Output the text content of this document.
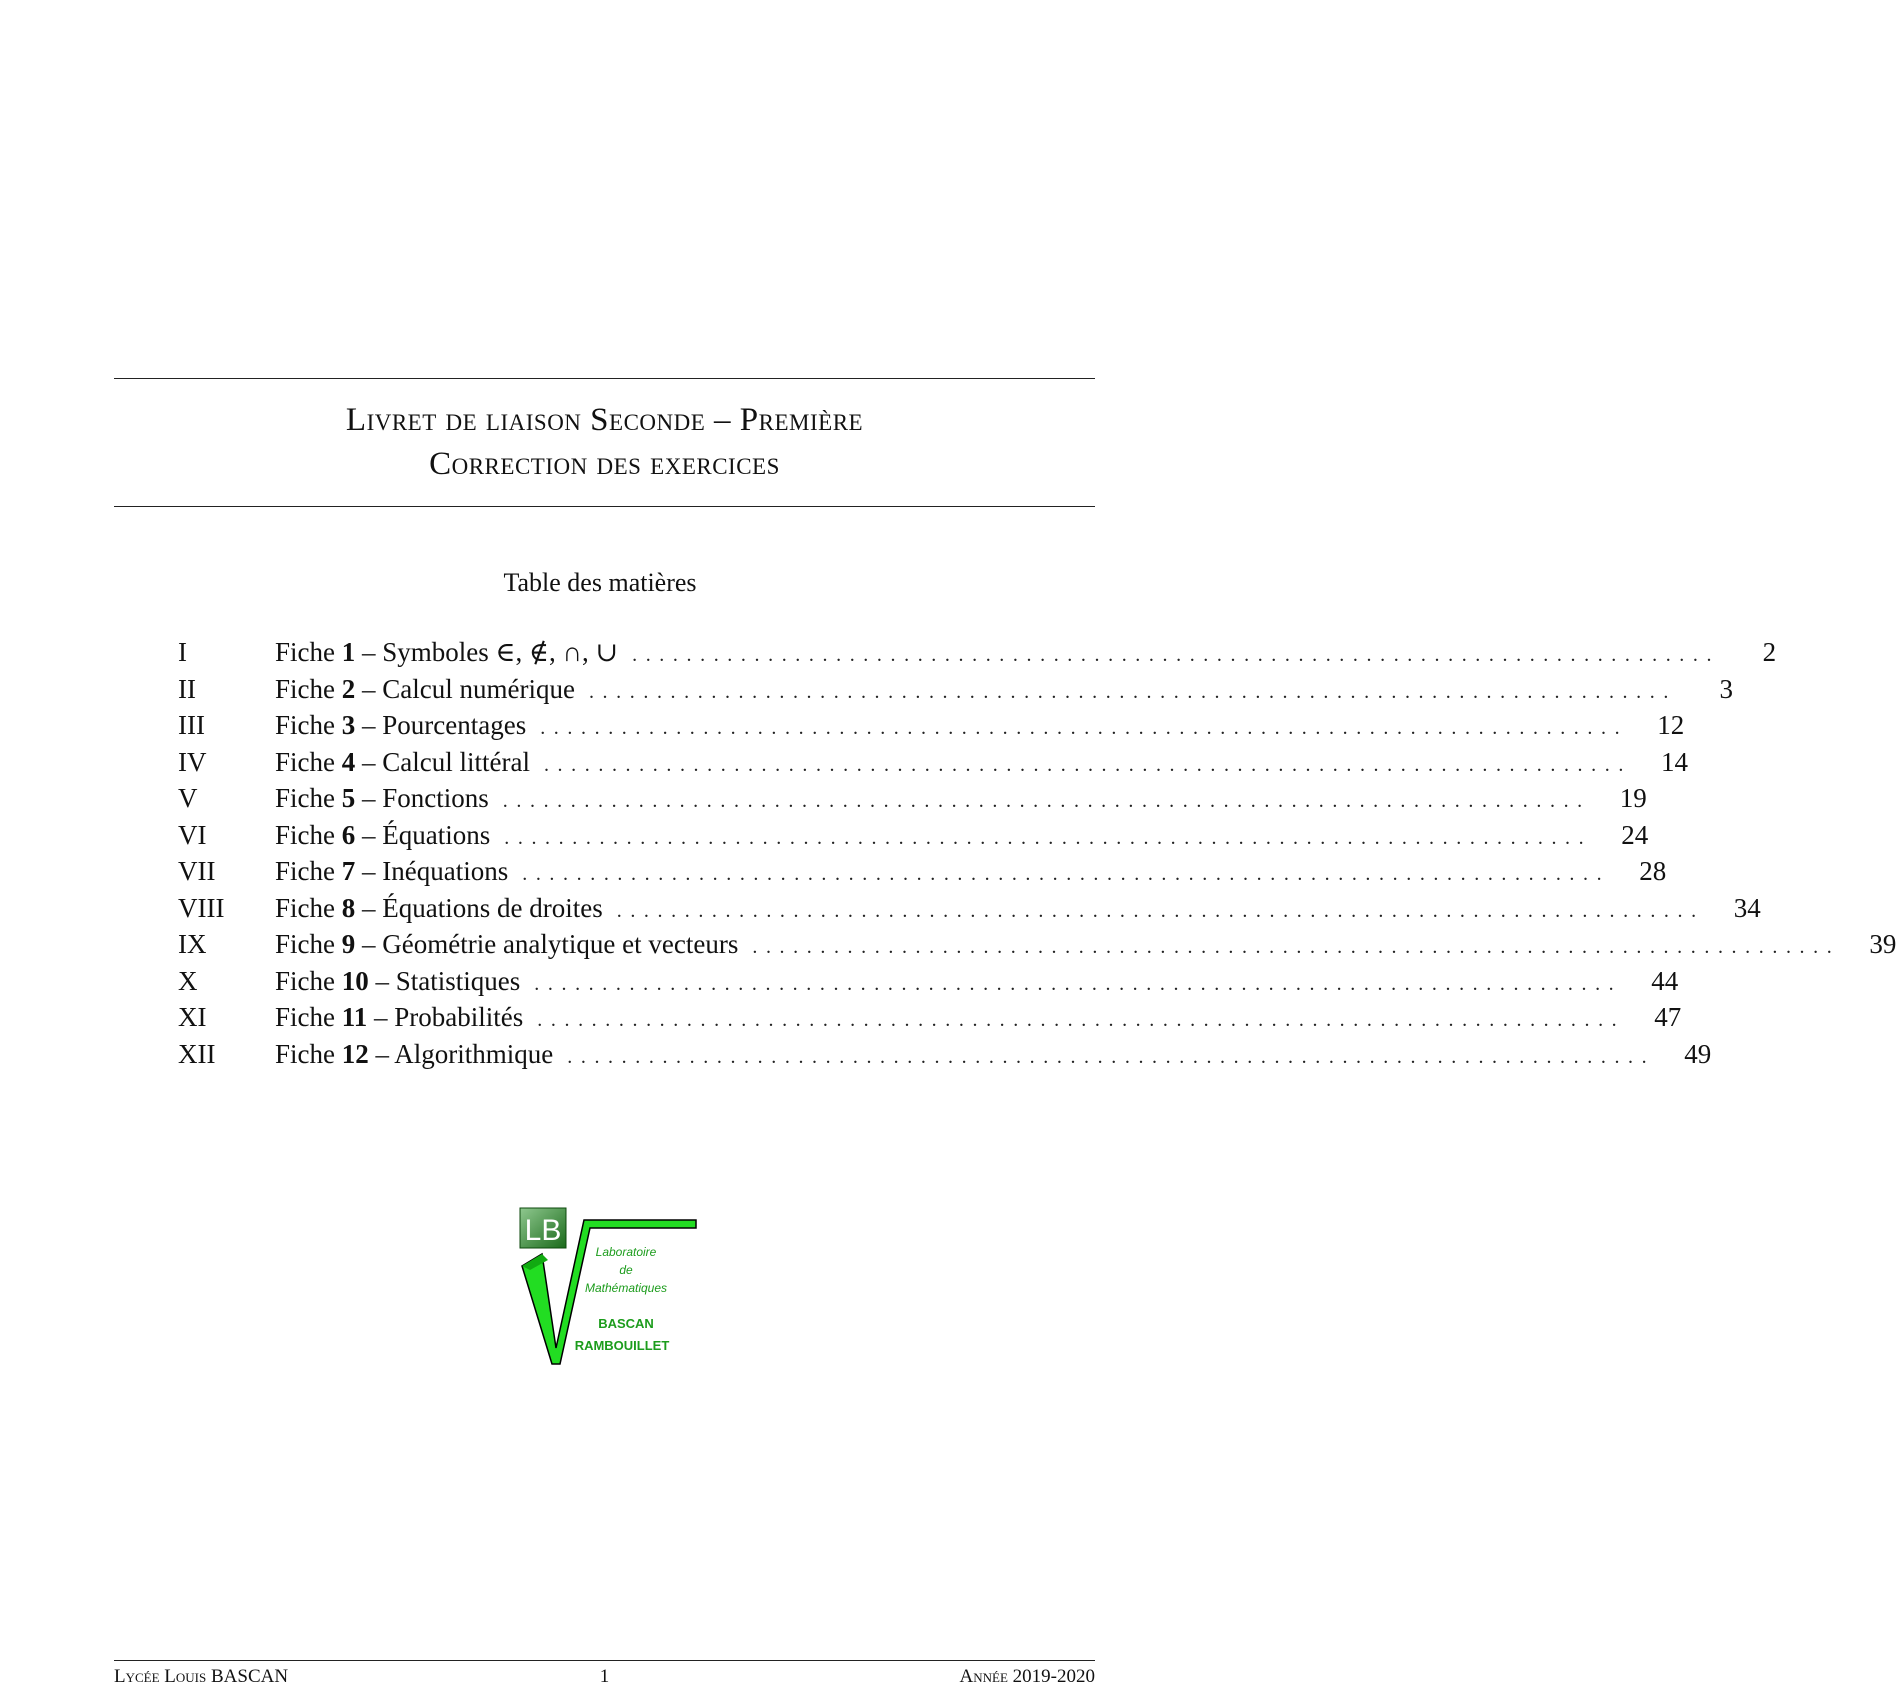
Livret de liaison Seconde – Première
Correction des exercices
Table des matières
I	Fiche 1 – Symboles ∈, ∉, ∩, ∪ ................................................................................	2
II	Fiche 2 – Calcul numérique ................................................................................	3
III	Fiche 3 – Pourcentages ................................................................................	12
IV	Fiche 4 – Calcul littéral ................................................................................	14
V	Fiche 5 – Fonctions ................................................................................	19
VI	Fiche 6 – Équations ................................................................................	24
VII Fiche 7 – Inéquations ................................................................................	28
VIII Fiche 8 – Équations de droites ................................................................................	34
IX	Fiche 9 – Géométrie analytique et vecteurs ................................................................................	39
X	Fiche 10 – Statistiques ................................................................................	44
XI	Fiche 11 – Probabilités ................................................................................	47
XII Fiche 12 – Algorithmique ................................................................................	49
LB
Laboratoire
de
Mathématiques
BASCAN
RAMBOUILLET
Lycée Louis BASCAN	1	Année 2019-2020
